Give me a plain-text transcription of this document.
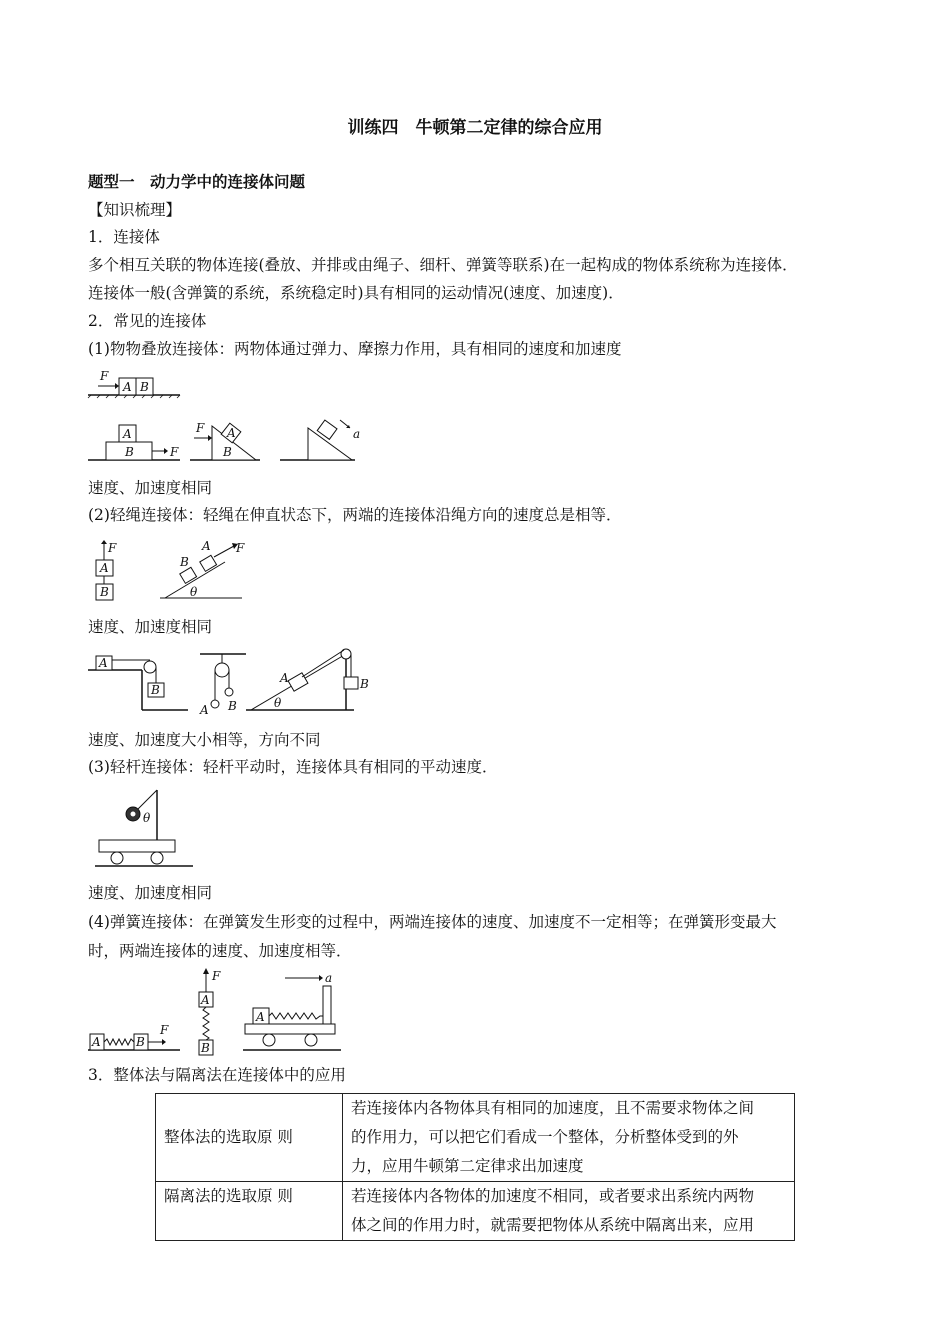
训练四　牛顿第二定律的综合应用
题型一　动力学中的连接体问题
【知识梳理】
1．连接体
多个相互关联的物体连接(叠放、并排或由绳子、细杆、弹簧等联系)在一起构成的物体系统称为连接体．
连接体一般(含弹簧的系统，系统稳定时)具有相同的运动情况(速度、加速度)．
2．常见的连接体
(1)物物叠放连接体：两物体通过弹力、摩擦力作用，具有相同的速度和加速度
F
A B
A
B	F
A
B
F	a
速度、加速度相同
(2)轻绳连接体：轻绳在伸直状态下，两端的连接体沿绳方向的速度总是相等．
F
A
B
B
A F
θ
速度、加速度相同
A
B
A B
A	B
θ
速度、加速度大小相等，方向不同
(3)轻杆连接体：轻杆平动时，连接体具有相同的平动速度．
θ
速度、加速度相同
(4)弹簧连接体：在弹簧发生形变的过程中，两端连接体的速度、加速度不一定相等；在弹簧形变最大
时，两端连接体的速度、加速度相等．
A	B
F
F
A
B
A
a
3．整体法与隔离法在连接体中的应用
整体法的选取原 则	若连接体内各物体具有相同的加速度，且不需要求物体之间
的作用力，可以把它们看成一个整体，分析整体受到的外
力，应用牛顿第二定律求出加速度

隔离法的选取原 则	若连接体内各物体的加速度不相同，或者要求出系统内两物
体之间的作用力时，就需要把物体从系统中隔离出来，应用
